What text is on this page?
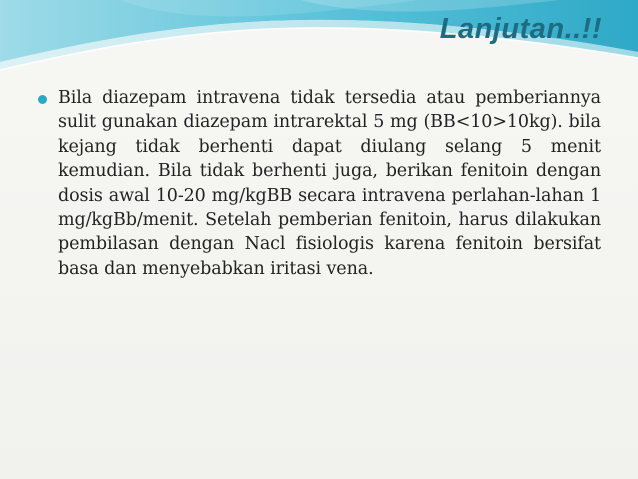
Lanjutan..!!

Bila diazepam intravena tidak tersedia atau pemberiannya sulit gunakan diazepam intrarektal 5 mg (BB<10>10kg). bila kejang tidak berhenti dapat diulang selang 5 menit kemudian. Bila tidak berhenti juga, berikan fenitoin dengan dosis awal 10-20 mg/kgBB secara intravena perlahan-lahan 1 mg/kgBb/menit. Setelah pemberian fenitoin, harus dilakukan pembilasan dengan Nacl fisiologis karena fenitoin bersifat basa dan menyebabkan iritasi vena.
